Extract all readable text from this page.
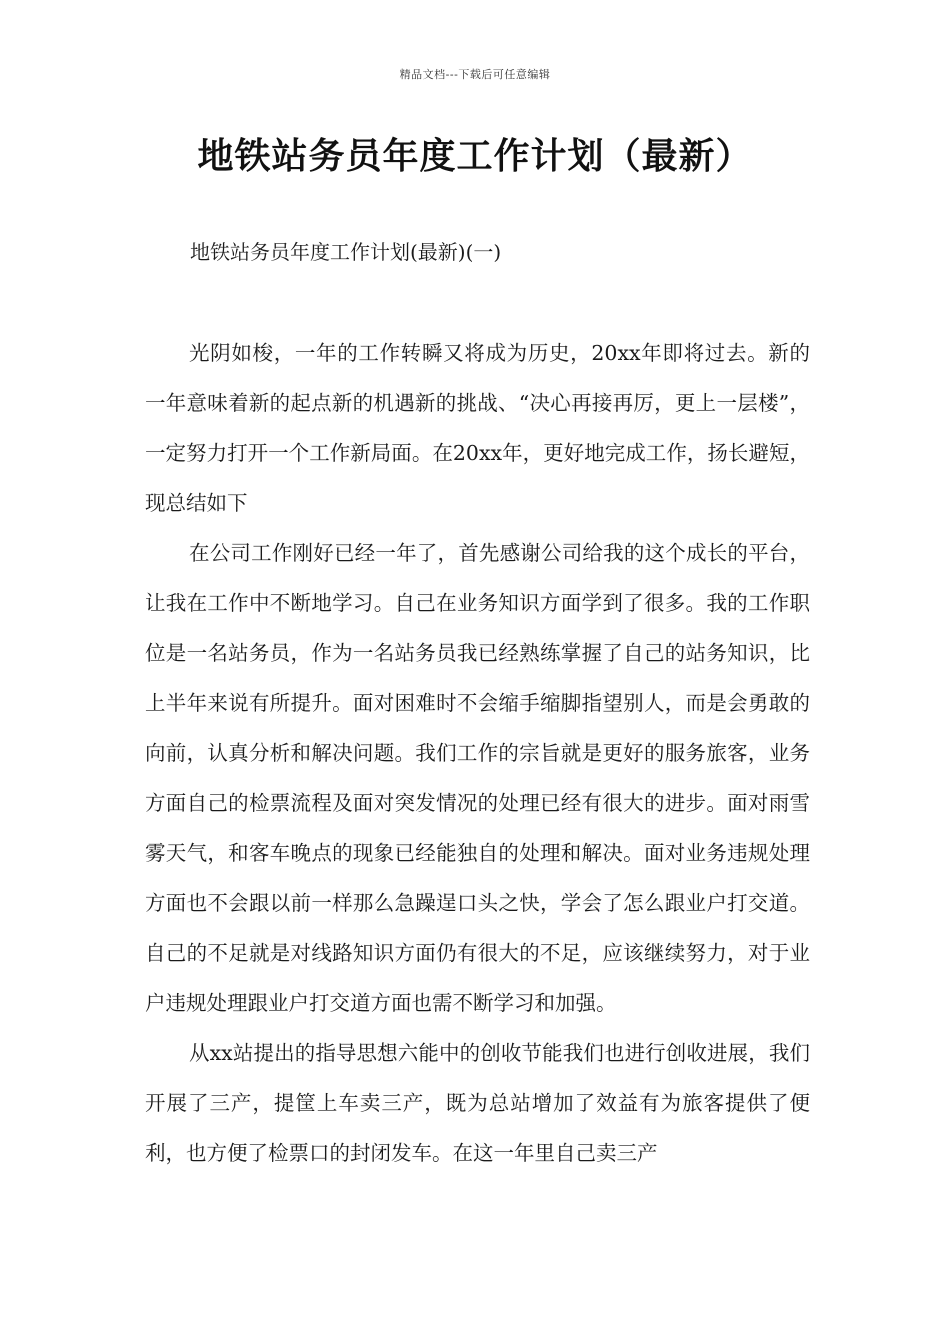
精品文档---下载后可任意编辑
地铁站务员年度工作计划（最新）
地铁站务员年度工作计划(最新)(一)

光阴如梭，一年的工作转瞬又将成为历史，20xx年即将过去。新的一年意味着新的起点新的机遇新的挑战、“决心再接再厉，更上一层楼”，一定努力打开一个工作新局面。在20xx年，更好地完成工作，扬长避短，现总结如下

在公司工作刚好已经一年了，首先感谢公司给我的这个成长的平台，让我在工作中不断地学习。自己在业务知识方面学到了很多。我的工作职位是一名站务员，作为一名站务员我已经熟练掌握了自己的站务知识，比上半年来说有所提升。面对困难时不会缩手缩脚指望别人，而是会勇敢的向前，认真分析和解决问题。我们工作的宗旨就是更好的服务旅客，业务方面自己的检票流程及面对突发情况的处理已经有很大的进步。面对雨雪雾天气，和客车晚点的现象已经能独自的处理和解决。面对业务违规处理方面也不会跟以前一样那么急躁逞口头之快，学会了怎么跟业户打交道。自己的不足就是对线路知识方面仍有很大的不足，应该继续努力，对于业户违规处理跟业户打交道方面也需不断学习和加强。

从xx站提出的指导思想六能中的创收节能我们也进行创收进展，我们开展了三产，提筐上车卖三产，既为总站增加了效益有为旅客提供了便利，也方便了检票口的封闭发车。在这一年里自己卖三产
